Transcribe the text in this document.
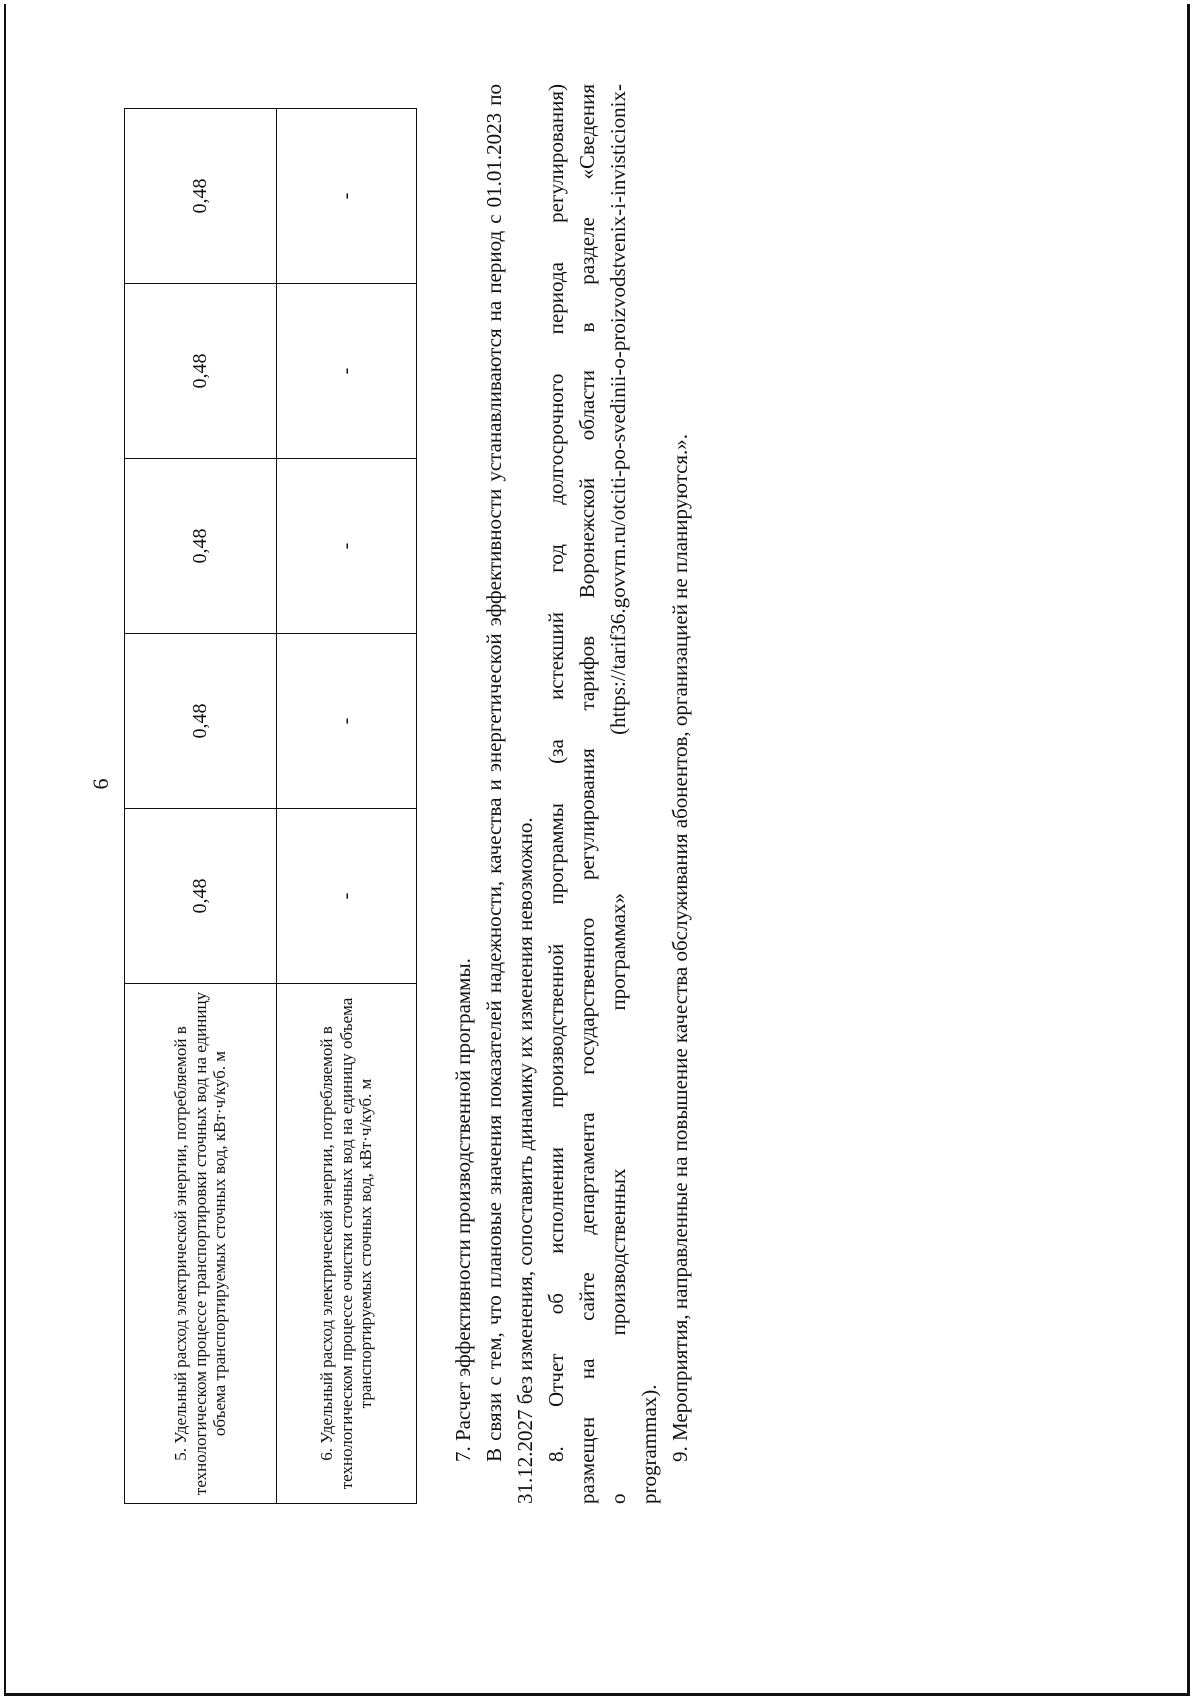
6
5. Удельный расход электрической энергии, потребляемой в технологическом процессе транспортировки сточных вод на единицу объема транспортируемых сточных вод, кВт·ч/куб. м	0,48	0,48	0,48	0,48	0,48
6. Удельный расход электрической энергии, потребляемой в технологическом процессе очистки сточных вод на единицу объема транспортируемых сточных вод, кВт·ч/куб. м	-	-	-	-	-

7. Расчет эффективности производственной программы. В связи с тем, что плановые значения показателей надежности, качества и энергетической эффективности устанавливаются на период с 01.01.2023 по 31.12.2027 без изменения, сопоставить динамику их изменения невозможно. 8. Отчет об исполнении производственной программы (за истекший год долгосрочного периода регулирования) размещен на сайте департамента государственного регулирования тарифов Воронежской области в разделе «Сведения о производственных программах» (https://tarif36.govvrn.ru/otciti-po-svedinii-o-proizvodstvenix-i-invisticionix- programmax). 9. Мероприятия, направленные на повышение качества обслуживания абонентов, организацией не планируются.».
